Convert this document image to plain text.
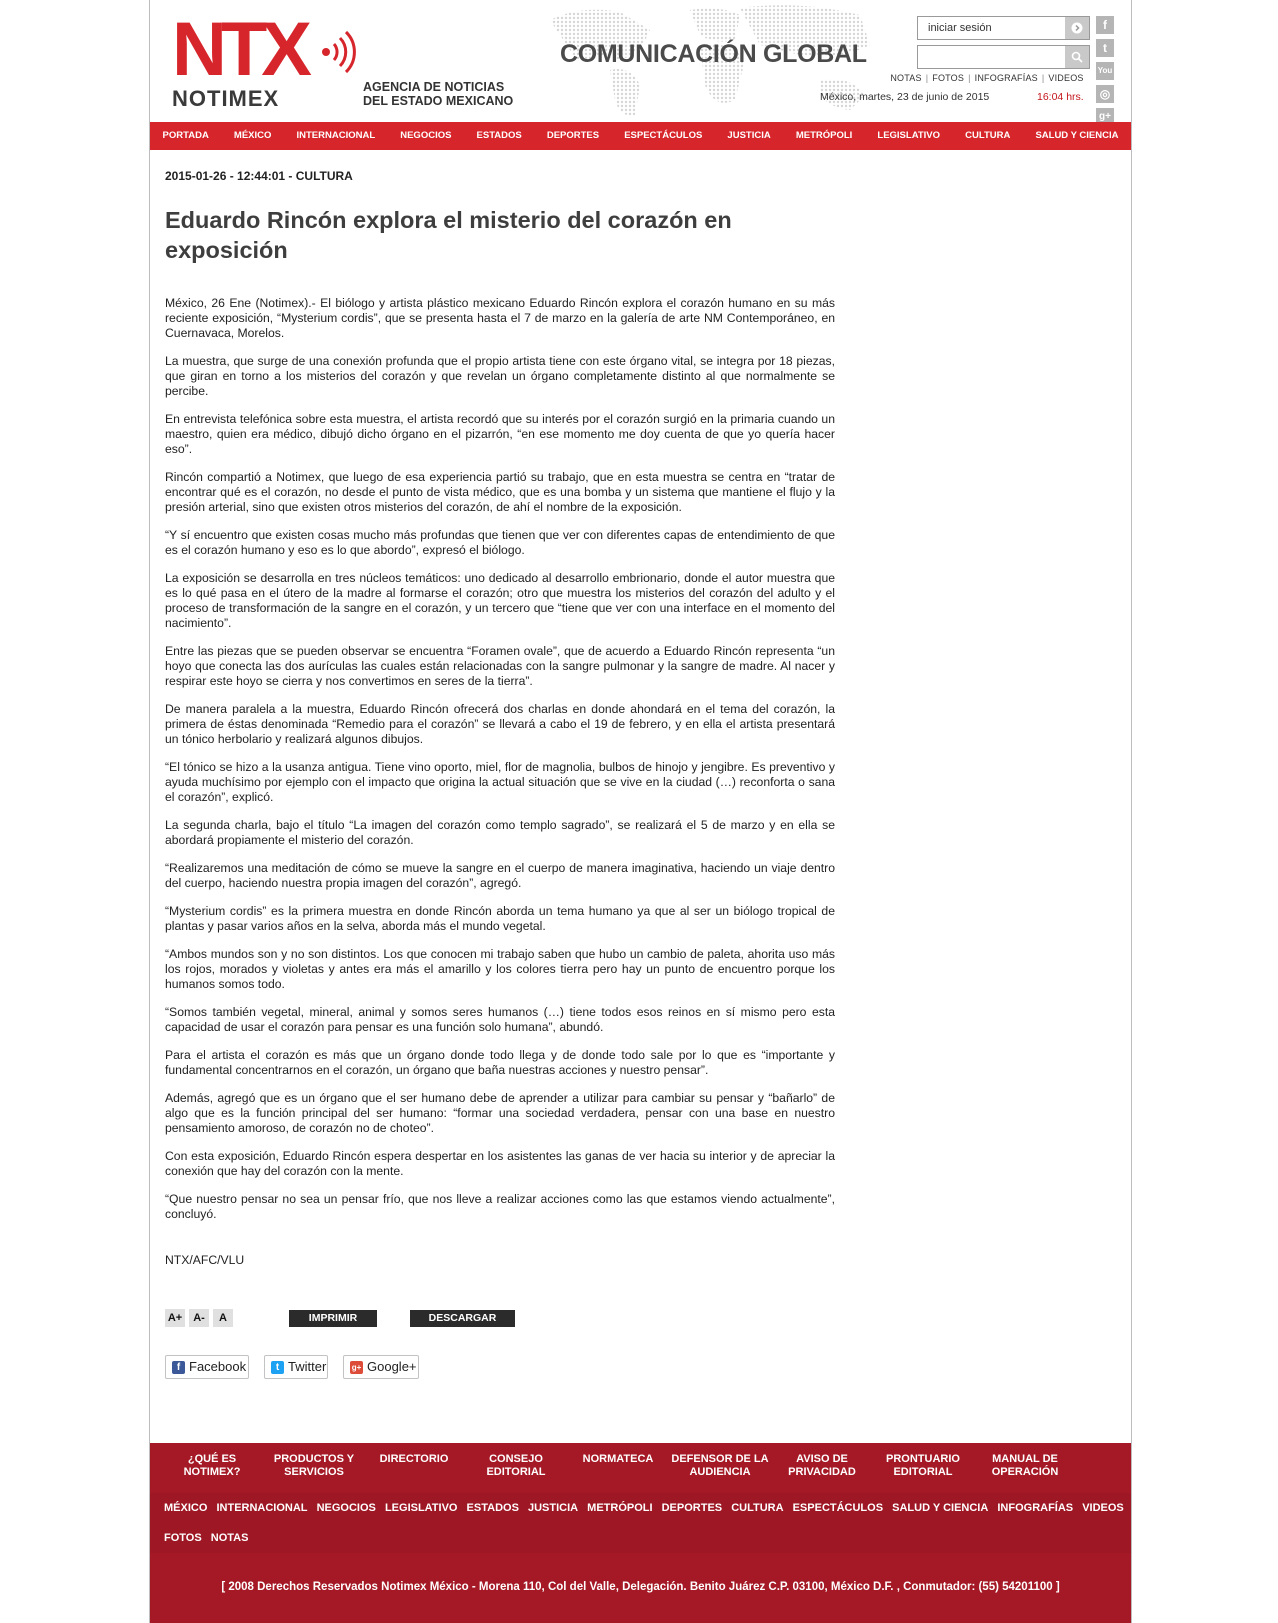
NTX
NOTIMEX	AGENCIA DE NOTICIAS
DEL ESTADO MEXICANO
COMUNICACIÓN GLOBAL
iniciar sesión
NOTAS | FOTOS | INFOGRAFÍAS | VIDEOS
México, martes, 23 de junio de 2015	16:04 hrs.
f
t
You
◎
g+
PORTADA	MÉXICO	INTERNACIONAL	NEGOCIOS	ESTADOS	DEPORTES	ESPECTÁCULOS	JUSTICIA	METRÓPOLI	LEGISLATIVO	CULTURA	SALUD Y CIENCIA
2015-01-26 - 12:44:01 - CULTURA
Eduardo Rincón explora el misterio del corazón en exposición

México, 26 Ene (Notimex).- El biólogo y artista plástico mexicano Eduardo Rincón explora el corazón humano en su más reciente exposición, “Mysterium cordis”, que se presenta hasta el 7 de marzo en la galería de arte NM Contemporáneo, en Cuernavaca, Morelos.

La muestra, que surge de una conexión profunda que el propio artista tiene con este órgano vital, se integra por 18 piezas, que giran en torno a los misterios del corazón y que revelan un órgano completamente distinto al que normalmente se percibe.

En entrevista telefónica sobre esta muestra, el artista recordó que su interés por el corazón surgió en la primaria cuando un maestro, quien era médico, dibujó dicho órgano en el pizarrón, “en ese momento me doy cuenta de que yo quería hacer eso”.

Rincón compartió a Notimex, que luego de esa experiencia partió su trabajo, que en esta muestra se centra en “tratar de encontrar qué es el corazón, no desde el punto de vista médico, que es una bomba y un sistema que mantiene el flujo y la presión arterial, sino que existen otros misterios del corazón, de ahí el nombre de la exposición.

“Y sí encuentro que existen cosas mucho más profundas que tienen que ver con diferentes capas de entendimiento de que es el corazón humano y eso es lo que abordo”, expresó el biólogo.

La exposición se desarrolla en tres núcleos temáticos: uno dedicado al desarrollo embrionario, donde el autor muestra que es lo qué pasa en el útero de la madre al formarse el corazón; otro que muestra los misterios del corazón del adulto y el proceso de transformación de la sangre en el corazón, y un tercero que “tiene que ver con una interface en el momento del nacimiento”.

Entre las piezas que se pueden observar se encuentra “Foramen ovale”, que de acuerdo a Eduardo Rincón representa “un hoyo que conecta las dos aurículas las cuales están relacionadas con la sangre pulmonar y la sangre de madre. Al nacer y respirar este hoyo se cierra y nos convertimos en seres de la tierra”.

De manera paralela a la muestra, Eduardo Rincón ofrecerá dos charlas en donde ahondará en el tema del corazón, la primera de éstas denominada “Remedio para el corazón” se llevará a cabo el 19 de febrero, y en ella el artista presentará un tónico herbolario y realizará algunos dibujos.

“El tónico se hizo a la usanza antigua. Tiene vino oporto, miel, flor de magnolia, bulbos de hinojo y jengibre. Es preventivo y ayuda muchísimo por ejemplo con el impacto que origina la actual situación que se vive en la ciudad (…) reconforta o sana el corazón”, explicó.

La segunda charla, bajo el título “La imagen del corazón como templo sagrado”, se realizará el 5 de marzo y en ella se abordará propiamente el misterio del corazón.

“Realizaremos una meditación de cómo se mueve la sangre en el cuerpo de manera imaginativa, haciendo un viaje dentro del cuerpo, haciendo nuestra propia imagen del corazón”, agregó.

“Mysterium cordis” es la primera muestra en donde Rincón aborda un tema humano ya que al ser un biólogo tropical de plantas y pasar varios años en la selva, aborda más el mundo vegetal.

“Ambos mundos son y no son distintos. Los que conocen mi trabajo saben que hubo un cambio de paleta, ahorita uso más los rojos, morados y violetas y antes era más el amarillo y los colores tierra pero hay un punto de encuentro porque los humanos somos todo.

“Somos también vegetal, mineral, animal y somos seres humanos (…) tiene todos esos reinos en sí mismo pero esta capacidad de usar el corazón para pensar es una función solo humana”, abundó.

Para el artista el corazón es más que un órgano donde todo llega y de donde todo sale por lo que es “importante y fundamental concentrarnos en el corazón, un órgano que baña nuestras acciones y nuestro pensar”.

Además, agregó que es un órgano que el ser humano debe de aprender a utilizar para cambiar su pensar y “bañarlo” de algo que es la función principal del ser humano: “formar una sociedad verdadera, pensar con una base en nuestro pensamiento amoroso, de corazón no de choteo”.

Con esta exposición, Eduardo Rincón espera despertar en los asistentes las ganas de ver hacia su interior y de apreciar la conexión que hay del corazón con la mente.

“Que nuestro pensar no sea un pensar frío, que nos lleve a realizar acciones como las que estamos viendo actualmente”, concluyó.

NTX/AFC/VLU
A+	A-	A	IMPRIMIR	DESCARGAR
f Facebook	t Twitter	g+ Google+
¿QUÉ ES
NOTIMEX?
PRODUCTOS Y
SERVICIOS
DIRECTORIO	CONSEJO
EDITORIAL
NORMATECA	DEFENSOR DE LA
AUDIENCIA
AVISO DE
PRIVACIDAD
PRONTUARIO
EDITORIAL
MANUAL DE
OPERACIÓN
MÉXICO INTERNACIONAL NEGOCIOS LEGISLATIVO ESTADOS JUSTICIA METRÓPOLI DEPORTES CULTURA ESPECTÁCULOS SALUD Y CIENCIA INFOGRAFÍAS VIDEOS
FOTOS NOTAS
[ 2008 Derechos Reservados Notimex México - Morena 110, Col del Valle, Delegación. Benito Juárez C.P. 03100, México D.F. , Conmutador: (55) 54201100 ]
